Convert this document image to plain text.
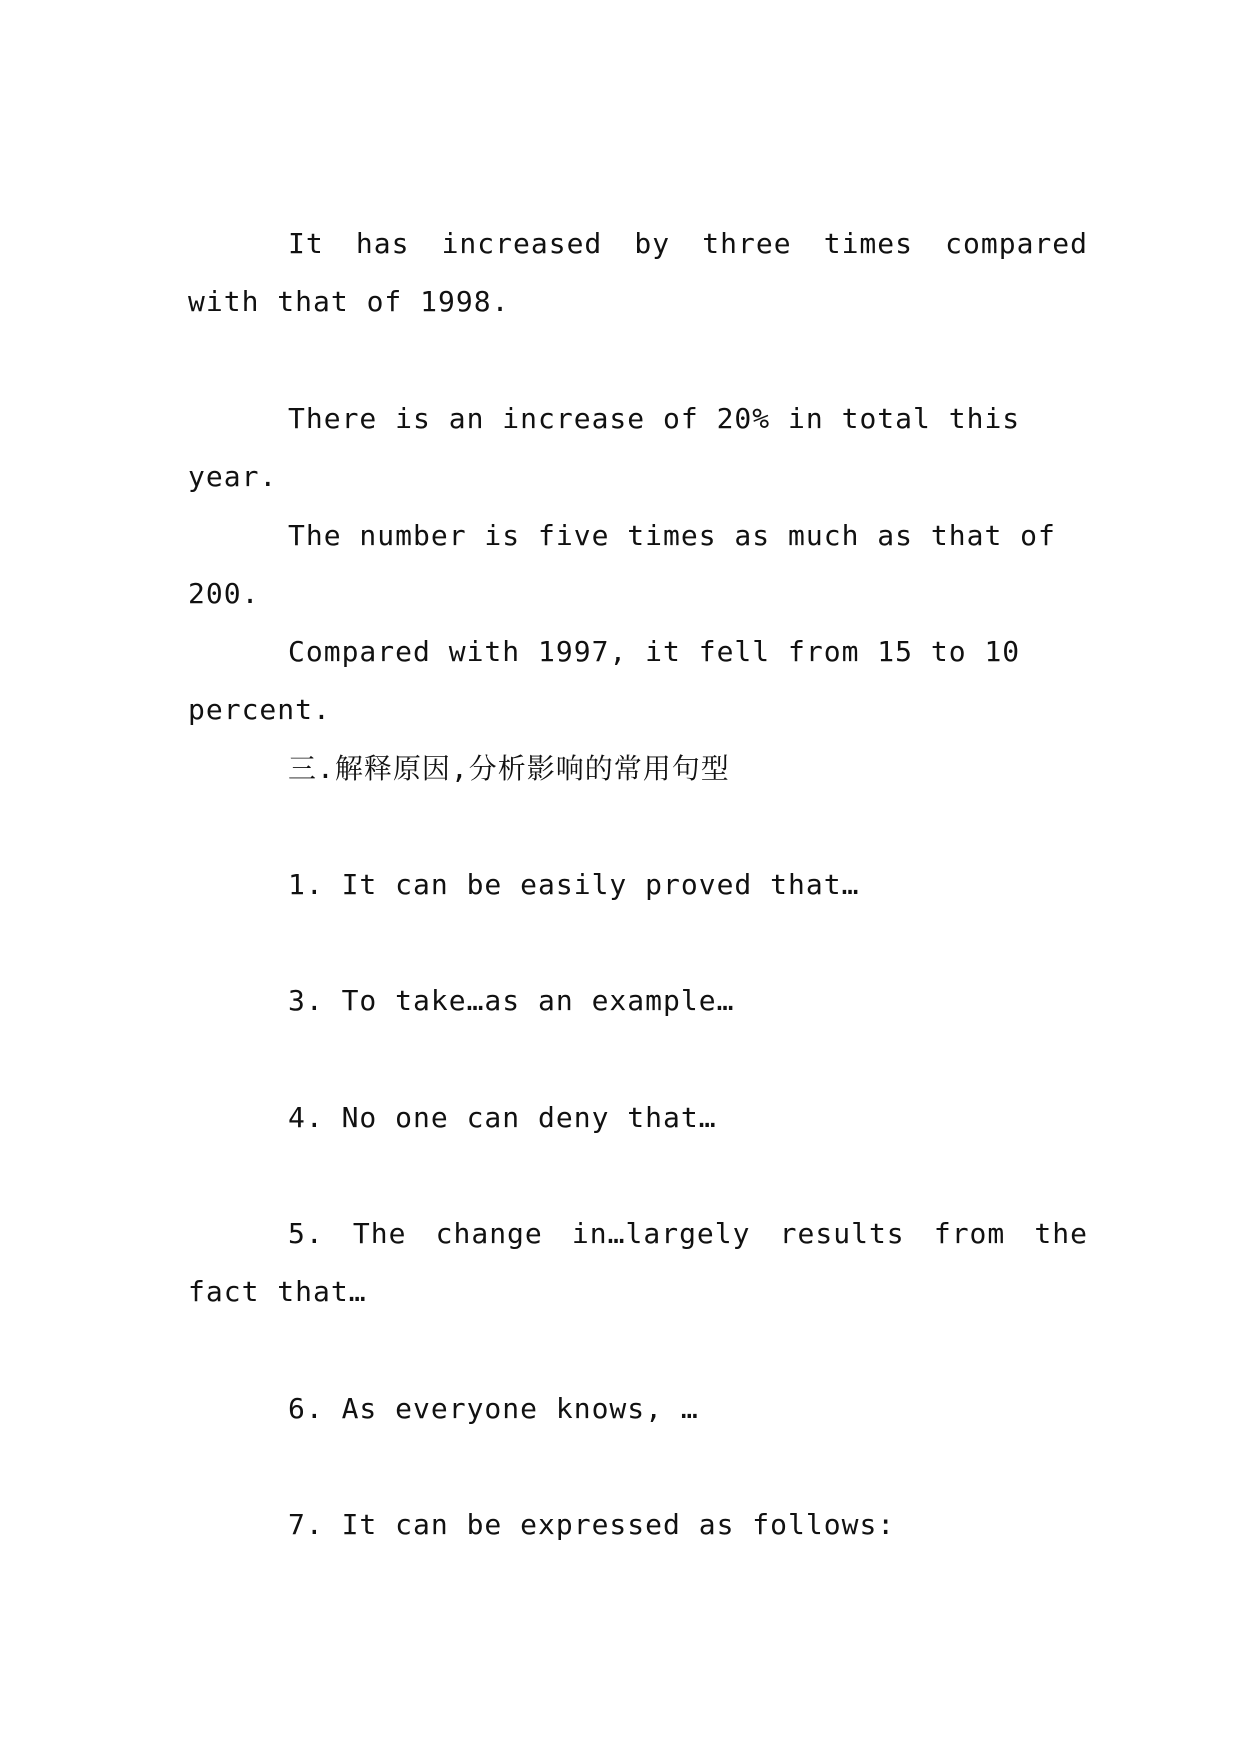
It has increased by three times compared with that of 1998.

There is an increase of 20% in total this year.

The number is five times as much as that of 200.

Compared with 1997, it fell from 15 to 10 percent.

三.解释原因,分析影响的常用句型

1. It can be easily proved that…

3. To take…as an example…

4. No one can deny that…

5. The change in…largely results from the fact that…

6. As everyone knows, …

7. It can be expressed as follows:
